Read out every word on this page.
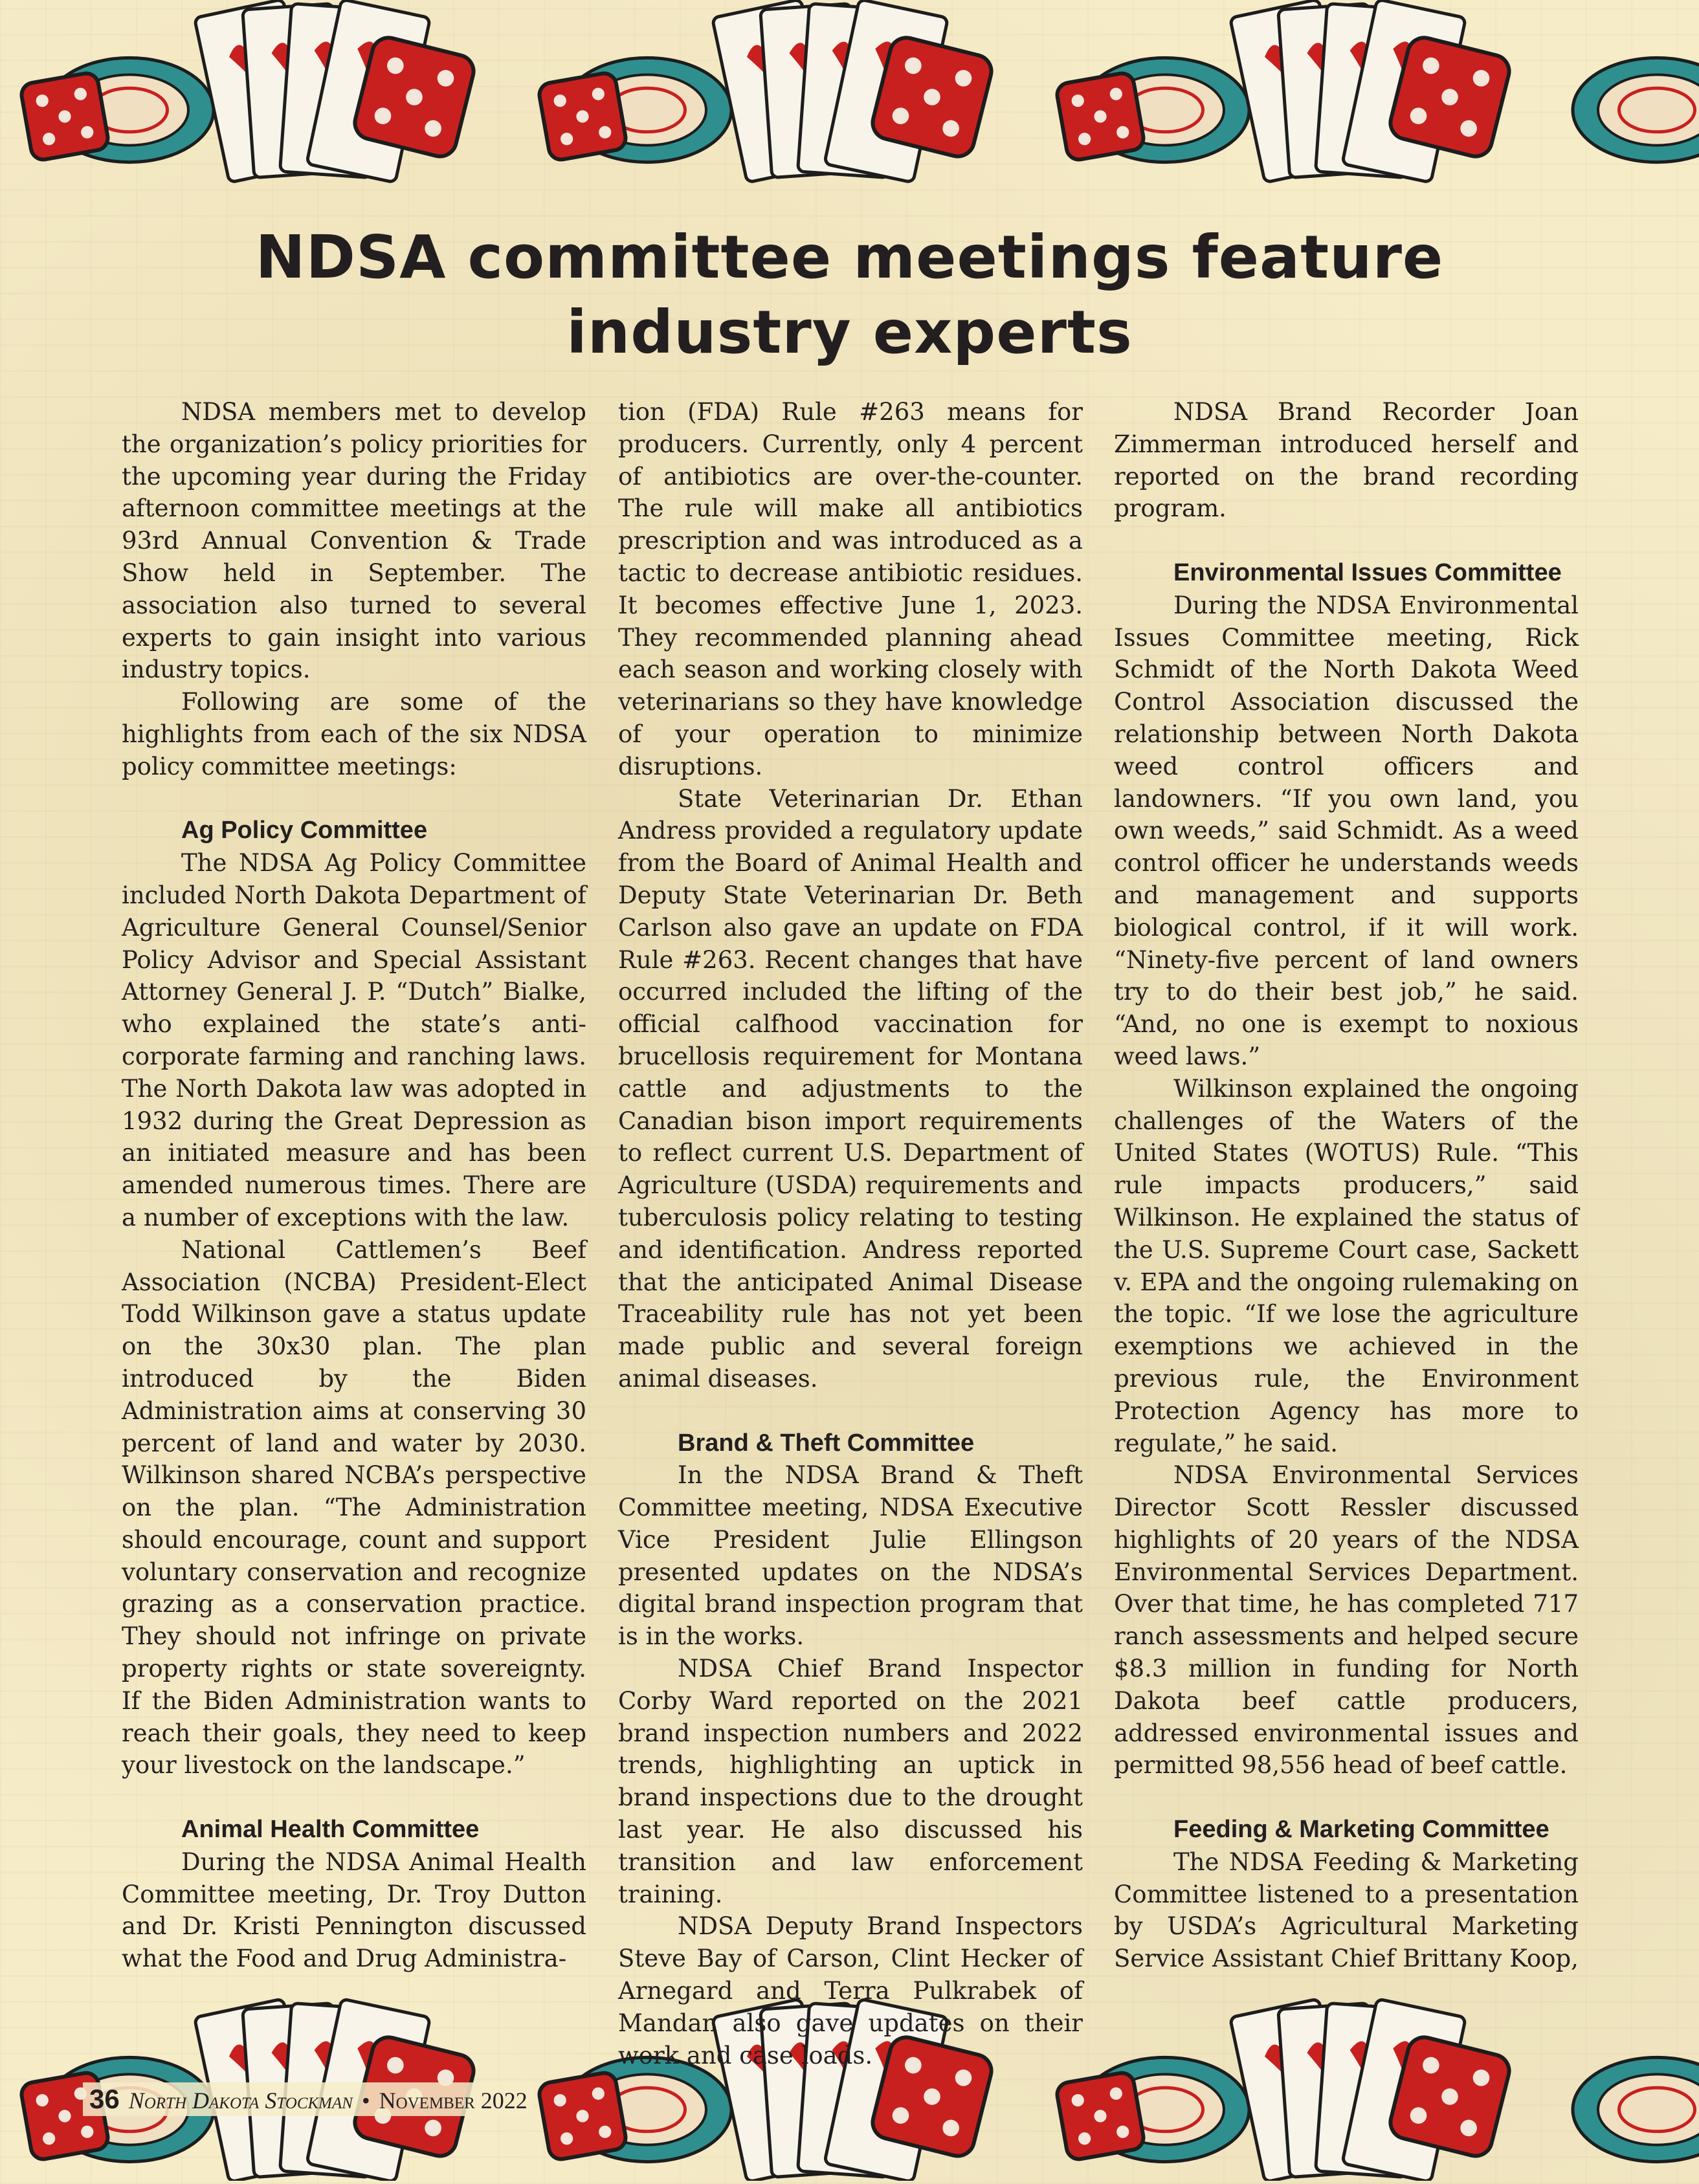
NDSA committee meetings feature industry experts

NDSA members met to develop the organization’s policy priorities for the upcoming year during the Friday afternoon committee meetings at the 93rd Annual Convention & Trade Show held in September. The association also turned to several experts to gain insight into various industry topics.

Following are some of the highlights from each of the six NDSA policy committee meetings:

Ag Policy Committee

The NDSA Ag Policy Committee included North Dakota Department of Agriculture General Counsel/Senior Policy Advisor and Special Assistant Attorney General J. P. “Dutch” Bialke, who explained the state’s anti-corporate farming and ranching laws. The North Dakota law was adopted in 1932 during the Great Depression as an initiated measure and has been amended numerous times. There are a number of exceptions with the law.

National Cattlemen’s Beef Association (NCBA) President-Elect Todd Wilkinson gave a status update on the 30x30 plan. The plan introduced by the Biden Administration aims at conserving 30 percent of land and water by 2030. Wilkinson shared NCBA’s perspective on the plan. “The Administration should encourage, count and support voluntary conservation and recognize grazing as a conservation practice. They should not infringe on private property rights or state sovereignty. If the Biden Administration wants to reach their goals, they need to keep your livestock on the landscape.”

Animal Health Committee

During the NDSA Animal Health Committee meeting, Dr. Troy Dutton and Dr. Kristi Pennington discussed what the Food and Drug Administra-

tion (FDA) Rule #263 means for producers. Currently, only 4 percent of antibiotics are over-the-counter. The rule will make all antibiotics prescription and was introduced as a tactic to decrease antibiotic residues. It becomes effective June 1, 2023. They recommended planning ahead each season and working closely with veterinarians so they have knowledge of your operation to minimize disruptions.

State Veterinarian Dr. Ethan Andress provided a regulatory update from the Board of Animal Health and Deputy State Veterinarian Dr. Beth Carlson also gave an update on FDA Rule #263. Recent changes that have occurred included the lifting of the official calfhood vaccination for brucellosis requirement for Montana cattle and adjustments to the Canadian bison import requirements to reflect current U.S. Department of Agriculture (USDA) requirements and tuberculosis policy relating to testing and identification. Andress reported that the anticipated Animal Disease Traceability rule has not yet been made public and several foreign animal diseases.

Brand & Theft Committee

In the NDSA Brand & Theft Committee meeting, NDSA Executive Vice President Julie Ellingson presented updates on the NDSA’s digital brand inspection program that is in the works.

NDSA Chief Brand Inspector Corby Ward reported on the 2021 brand inspection numbers and 2022 trends, highlighting an uptick in brand inspections due to the drought last year. He also discussed his transition and law enforcement training.

NDSA Deputy Brand Inspectors Steve Bay of Carson, Clint Hecker of Arnegard and Terra Pulkrabek of Mandan also gave updates on their work and case loads.

NDSA Brand Recorder Joan Zimmerman introduced herself and reported on the brand recording program.

Environmental Issues Committee

During the NDSA Environmental Issues Committee meeting, Rick Schmidt of the North Dakota Weed Control Association discussed the relationship between North Dakota weed control officers and landowners. “If you own land, you own weeds,” said Schmidt. As a weed control officer he understands weeds and management and supports biological control, if it will work. “Ninety-five percent of land owners try to do their best job,” he said. “And, no one is exempt to noxious weed laws.”

Wilkinson explained the ongoing challenges of the Waters of the United States (WOTUS) Rule. “This rule impacts producers,” said Wilkinson. He explained the status of the U.S. Supreme Court case, Sackett v. EPA and the ongoing rulemaking on the topic. “If we lose the agriculture exemptions we achieved in the previous rule, the Environment Protection Agency has more to regulate,” he said.

NDSA Environmental Services Director Scott Ressler discussed highlights of 20 years of the NDSA Environmental Services Department. Over that time, he has completed 717 ranch assessments and helped secure $8.3 million in funding for North Dakota beef cattle producers, addressed environmental issues and permitted 98,556 head of beef cattle.

Feeding & Marketing Committee

The NDSA Feeding & Marketing Committee listened to a presentation by USDA’s Agricultural Marketing Service Assistant Chief Brittany Koop,

36 North Dakota Stockman • November 2022
